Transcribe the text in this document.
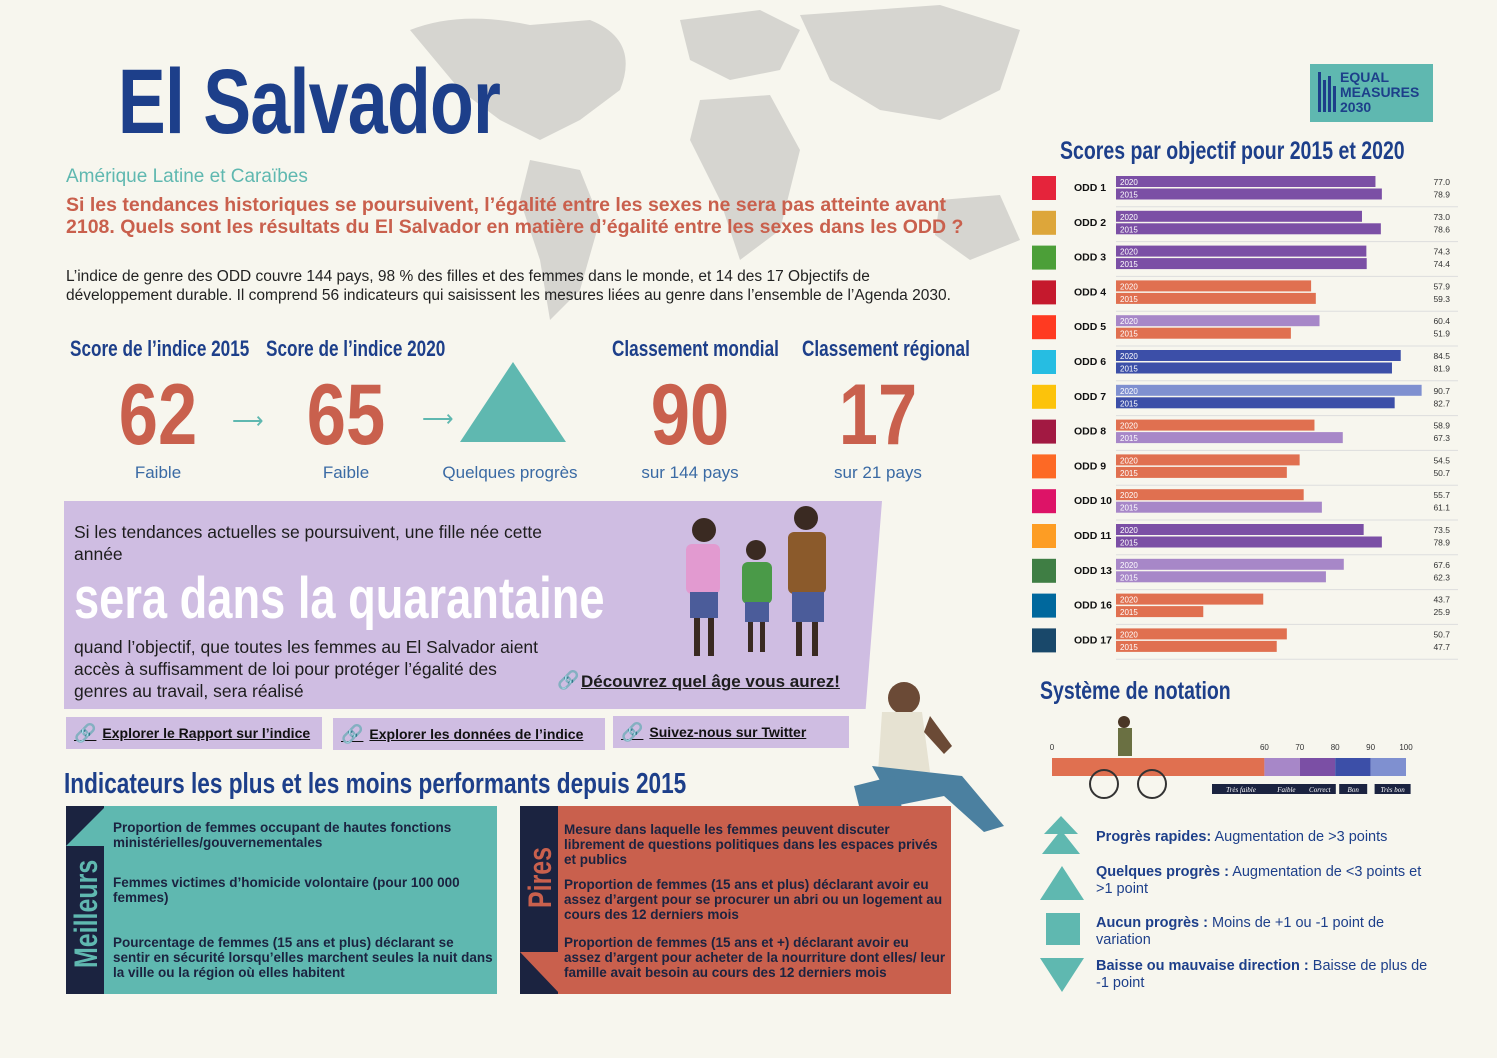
El Salvador
Amérique Latine et Caraïbes
Si les tendances historiques se poursuivent, l’égalité entre les sexes ne sera pas atteinte avant 2108. Quels sont les résultats du El Salvador en matière d’égalité entre les sexes dans les ODD ?
L’indice de genre des ODD couvre 144 pays, 98 % des filles et des femmes dans le monde, et 14 des 17 Objectifs de développement durable. Il comprend 56 indicateurs qui saisissent les mesures liées au genre dans l’ensemble de l’Agenda 2030.
Score de l’indice 2015
62
Faible
⟶
Score de l’indice 2020
65
Faible
⟶
Quelques progrès
Classement mondial
90
sur 144 pays
Classement régional
17
sur 21 pays
Si les tendances actuelles se poursuivent, une fille née cette année
sera dans la quarantaine
quand l’objectif, que toutes les femmes au El Salvador aient accès à suffisamment de loi pour protéger l’égalité des genres au travail, sera réalisé
🔗 Découvrez quel âge vous aurez!
🔗 Explorer le Rapport sur l’indice 🔗 Explorer les données de l’indice 🔗 Suivez-nous sur Twitter
Indicateurs les plus et les moins performants depuis 2015
Meilleurs
Proportion de femmes occupant de hautes fonctions ministérielles/gouvernementales
Femmes victimes d’homicide volontaire (pour 100 000 femmes)
Pourcentage de femmes (15 ans et plus) déclarant se sentir en sécurité lorsqu’elles marchent seules la nuit dans la ville ou la région où elles habitent
Pires
Mesure dans laquelle les femmes peuvent discuter librement de questions politiques dans les espaces privés et publics
Proportion de femmes (15 ans et plus) déclarant avoir eu assez d’argent pour se procurer un abri ou un logement au cours des 12 derniers mois
Proportion de femmes (15 ans et +) déclarant avoir eu assez d’argent pour acheter de la nourriture dont elles/ leur famille avait besoin au cours des 12 derniers mois
EQUAL
MEASURES
2030
Scores par objectif pour 2015 et 2020
ODD 1 2020	77.0
2015	78.9
ODD 2 2020	73.0
2015	78.6
ODD 3 2020	74.3
2015	74.4
ODD 4 2020	57.9
2015	59.3
ODD 5 2020	60.4
2015	51.9
ODD 6 2020	84.5
2015	81.9
ODD 7 2020	90.7
2015	82.7
ODD 8 2020	58.9
2015	67.3
ODD 9 2020	54.5
2015	50.7
ODD 10 2020	55.7
2015	61.1
ODD 11 2020	73.5
2015	78.9
ODD 13 2020	67.6
2015	62.3
ODD 16 2020	43.7
2015	25.9
ODD 17 2020	50.7
2015	47.7
Système de notation
0	60	70	80	90	100
Très faible	Faible Correct Bon	Très bon
Progrès rapides: Augmentation de >3 points
Quelques progrès : Augmentation de <3 points et >1 point
Aucun progrès : Moins de +1 ou -1 point de variation
Baisse ou mauvaise direction : Baisse de plus de -1 point
